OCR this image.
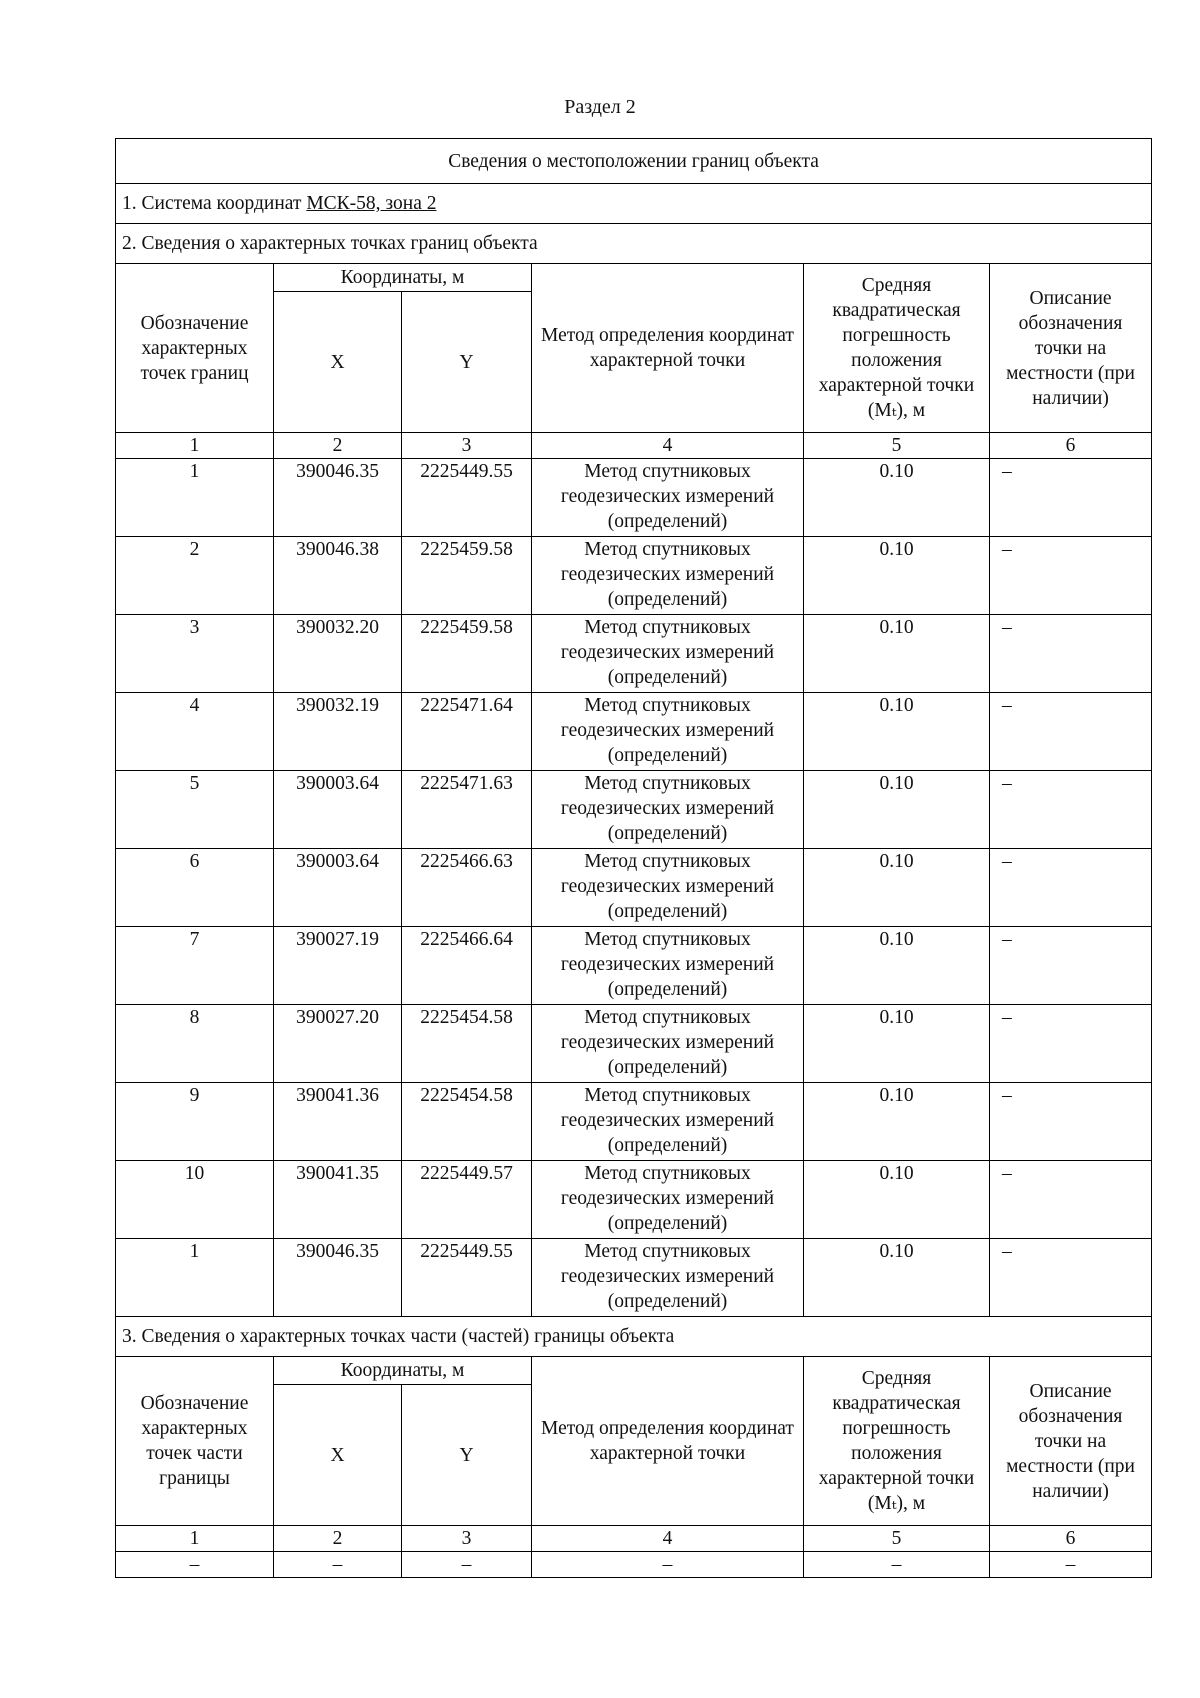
Раздел 2
Сведения о местоположении границ объекта					
1. Система координат МСК-58, зона 2					
2. Сведения о характерных точках границ объекта					
Обозначение характерных точек границ	Координаты, м		Метод определения координат характерной точки	Средняя квадратическая погрешность положения характерной точки (Mₜ), м	Описание обозначения точки на местности (при наличии)
	X	Y			
1	2	3	4	5	6
1	390046.35	2225449.55	Метод спутниковых геодезических измерений (определений)	0.10	–
2	390046.38	2225459.58	Метод спутниковых геодезических измерений (определений)	0.10	–
3	390032.20	2225459.58	Метод спутниковых геодезических измерений (определений)	0.10	–
4	390032.19	2225471.64	Метод спутниковых геодезических измерений (определений)	0.10	–
5	390003.64	2225471.63	Метод спутниковых геодезических измерений (определений)	0.10	–
6	390003.64	2225466.63	Метод спутниковых геодезических измерений (определений)	0.10	–
7	390027.19	2225466.64	Метод спутниковых геодезических измерений (определений)	0.10	–
8	390027.20	2225454.58	Метод спутниковых геодезических измерений (определений)	0.10	–
9	390041.36	2225454.58	Метод спутниковых геодезических измерений (определений)	0.10	–
10	390041.35	2225449.57	Метод спутниковых геодезических измерений (определений)	0.10	–
1	390046.35	2225449.55	Метод спутниковых геодезических измерений (определений)	0.10	–
3. Сведения о характерных точках части (частей) границы объекта					
Обозначение характерных точек части границы	Координаты, м		Метод определения координат характерной точки	Средняя квадратическая погрешность положения характерной точки (Mₜ), м	Описание обозначения точки на местности (при наличии)
	X	Y			
1	2	3	4	5	6
–	–	–	–	–	–
